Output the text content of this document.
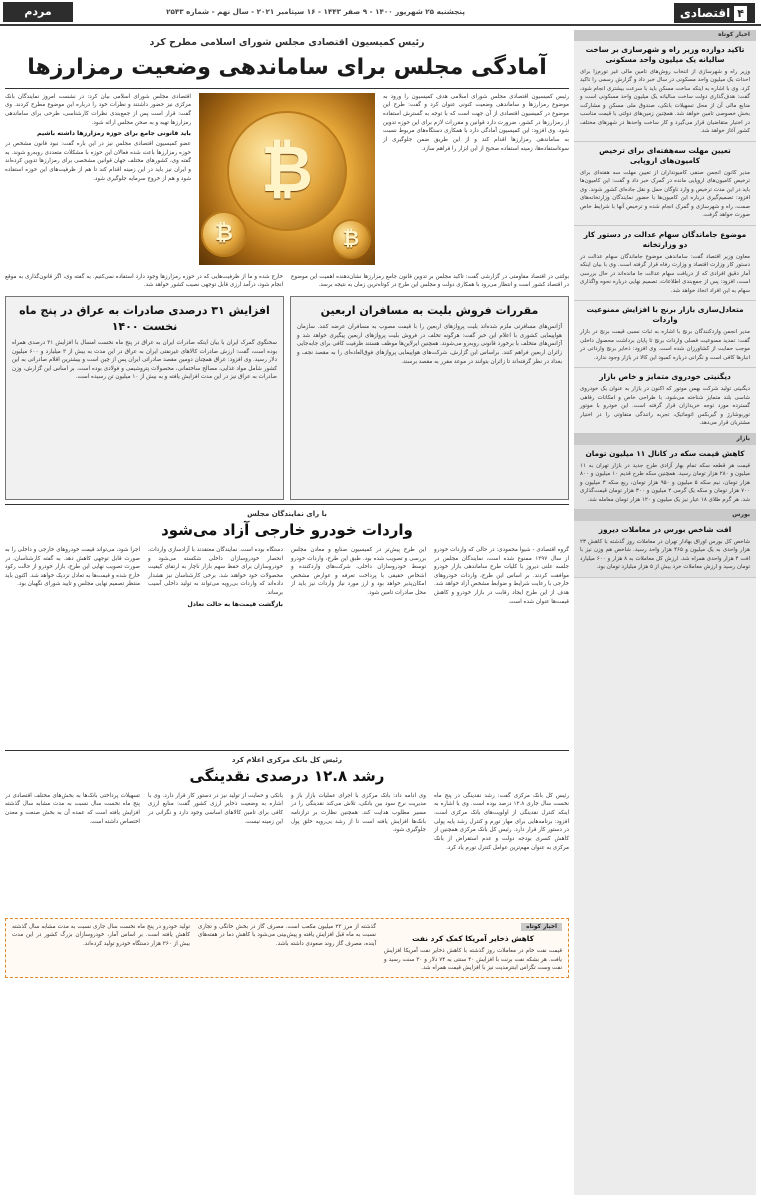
۴
اقتصادی
پنجشنبه ۲۵ شهریور ۱۴۰۰ - ۹ صفر ۱۴۴۳ - ۱۶ سپتامبر ۲۰۲۱ - سال نهم - شماره ۲۵۴۳
مردم سالاری	اخبار کوتاه
تاکید دوازده وزیر راه و شهرسازی بر ساخت سالیانه یک میلیون واحد مسکونی
وزیر راه و شهرسازی از انتخاب روش‌های تامین مالی غیر تورم‌زا برای احداث یک میلیون واحد مسکونی در سال خبر داد و گزارش رسمی را تاکید کرد. وی با اشاره به اینکه ساخت مسکن باید با سرعت بیشتری انجام شود، گفت: هدف‌گذاری دولت ساخت سالیانه یک میلیون واحد مسکونی است و منابع مالی آن از محل تسهیلات بانکی، صندوق ملی مسکن و مشارکت بخش خصوصی تامین خواهد شد. همچنین زمین‌های دولتی با قیمت مناسب در اختیار متقاضیان قرار می‌گیرد و کار ساخت واحدها در شهرهای مختلف کشور آغاز خواهد شد.
تعیین مهلت سه‌هفته‌ای برای ترخیص کامیون‌های اروپایی
مدیر کانون انجمن صنفی کامیونداران از تعیین مهلت سه هفته‌ای برای ترخیص کامیون‌های اروپایی مانده در گمرک خبر داد و گفت: این کامیون‌ها باید در این مدت ترخیص و وارد ناوگان حمل و نقل جاده‌ای کشور شوند. وی افزود: تصمیم‌گیری درباره این کامیون‌ها با حضور نمایندگان وزارتخانه‌های صمت، راه و شهرسازی و گمرک انجام شده و ترخیص آنها با شرایط خاص صورت خواهد گرفت.
موضوع جاماندگان سهام عدالت در دستور کار دو وزارتخانه
معاون وزیر اقتصاد گفت: ساماندهی موضوع جاماندگان سهام عدالت در دستور کار وزارت اقتصاد و وزارت رفاه قرار گرفته است. وی با بیان اینکه آمار دقیق افرادی که از دریافت سهام عدالت جا مانده‌اند در حال بررسی است، افزود: پس از جمع‌بندی اطلاعات، تصمیم نهایی درباره نحوه واگذاری سهام به این افراد اتخاذ خواهد شد.
متعادل‌سازی بازار برنج با افزایش ممنوعیت واردات
مدیر انجمن واردکنندگان برنج با اشاره به ثبات نسبی قیمت برنج در بازار گفت: تمدید ممنوعیت فصلی واردات برنج تا پایان برداشت محصول داخلی موجب حمایت از کشاورزان شده است. وی افزود: ذخایر برنج وارداتی در انبارها کافی است و نگرانی درباره کمبود این کالا در بازار وجود ندارد.
دیگنیتی خودروی متمایز و خاص بازار
دیگنیتی تولید شرکت بهمن موتور که اکنون در بازار به عنوان یک خودروی شاسی بلند متمایز شناخته می‌شود، با طراحی خاص و امکانات رفاهی گسترده مورد توجه خریداران قرار گرفته است. این خودرو با موتور توربوشارژ و گیربکس اتوماتیک، تجربه رانندگی متفاوتی را در اختیار مشتریان قرار می‌دهد.
بازار
کاهش قیمت سکه در کانال ۱۱ میلیون تومان
قیمت هر قطعه سکه تمام بهار آزادی طرح جدید در بازار تهران به ۱۱ میلیون و ۲۸۰ هزار تومان رسید. همچنین سکه طرح قدیم ۱۰ میلیون و ۸۰۰ هزار تومان، نیم سکه ۵ میلیون و ۹۵۰ هزار تومان، ربع سکه ۳ میلیون و ۷۰۰ هزار تومان و سکه یک گرمی ۲ میلیون و ۳۰۰ هزار تومان قیمت‌گذاری شد. هر گرم طلای ۱۸ عیار نیز یک میلیون و ۱۲۰ هزار تومان معامله شد.
بورس
افت شاخص بورس در معاملات دیروز
شاخص کل بورس اوراق بهادار تهران در معاملات روز گذشته با کاهش ۲۳ هزار واحدی به یک میلیون و ۴۶۵ هزار واحد رسید. شاخص هم وزن نیز با افت ۴ هزار واحدی همراه شد. ارزش کل معاملات به ۸ هزار و ۶۰۰ میلیارد تومان رسید و ارزش معاملات خرد بیش از ۵ هزار میلیارد تومان بود.
رئیس کمیسیون اقتصادی مجلس شورای اسلامی مطرح کرد
آمادگی مجلس برای ساماندهی وضعیت رمزارزها
رئیس کمیسیون اقتصادی مجلس شورای اسلامی هدف کمیسیون را ورود به موضوع رمزارزها و ساماندهی وضعیت کنونی عنوان کرد و گفت: طرح این موضوع در کمیسیون اقتصادی از آن جهت است که با توجه به گسترش استفاده از رمزارزها در کشور، ضرورت دارد قوانین و مقررات لازم برای این حوزه تدوین شود. وی افزود: این کمیسیون آمادگی دارد با همکاری دستگاه‌های مربوط نسبت به ساماندهی رمزارزها اقدام کند و از این طریق ضمن جلوگیری از سوءاستفاده‌ها، زمینه استفاده صحیح از این ابزار را فراهم سازد.
₿
₿	₿
اقتصادی مجلس شورای اسلامی بیان کرد: در نشست امروز نمایندگان بانک مرکزی نیز حضور داشتند و نظرات خود را درباره این موضوع مطرح کردند. وی گفت: قرار است پس از جمع‌بندی نظرات کارشناسی، طرحی برای ساماندهی رمزارزها تهیه و به صحن مجلس ارائه شود.
باید قانونی جامع برای حوزه رمزارزها داشته باشیم
عضو کمیسیون اقتصادی مجلس نیز در این باره گفت: نبود قانون مشخص در حوزه رمزارزها باعث شده فعالان این حوزه با مشکلات متعددی روبه‌رو شوند. به گفته وی، کشورهای مختلف جهان قوانین مشخصی برای رمزارزها تدوین کرده‌اند و ایران نیز باید در این زمینه اقدام کند تا هم از ظرفیت‌های این حوزه استفاده شود و هم از خروج سرمایه جلوگیری شود.
بولتنی در اقتصاد مقاومتی در گزارشی گفت: تاکید مجلس بر تدوین قانون جامع رمزارزها نشان‌دهنده اهمیت این موضوع در اقتصاد کشور است و انتظار می‌رود با همکاری دولت و مجلس این طرح در کوتاه‌ترین زمان به نتیجه برسد.
خارج شده و ما از ظرفیت‌هایی که در حوزه رمزارزها وجود دارد استفاده نمی‌کنیم. به گفته وی، اگر قانون‌گذاری به موقع انجام شود، درآمد ارزی قابل توجهی نصیب کشور خواهد شد.
مقررات فروش بلیت به مسافران اربعین
آژانس‌های مسافرتی ملزم شده‌اند بلیت پروازهای اربعین را با قیمت مصوب به مسافران عرضه کنند. سازمان هواپیمایی کشوری با اعلام این خبر گفت: هرگونه تخلف در فروش بلیت پروازهای اربعین پیگیری خواهد شد و آژانس‌های متخلف با برخورد قانونی روبه‌رو می‌شوند. همچنین ایرلاین‌ها موظف هستند ظرفیت کافی برای جابه‌جایی زائران اربعین فراهم کنند. براساس این گزارش، شرکت‌های هواپیمایی پروازهای فوق‌العاده‌ای را به مقصد نجف و بغداد در نظر گرفته‌اند تا زائران بتوانند در موعد مقرر به مقصد برسند.
افزایش ۳۱ درصدی صادرات به عراق در پنج ماه نخست ۱۴۰۰
سخنگوی گمرک ایران با بیان اینکه صادرات ایران به عراق در پنج ماه نخست امسال با افزایش ۳۱ درصدی همراه بوده است، گفت: ارزش صادرات کالاهای غیرنفتی ایران به عراق در این مدت به بیش از ۳ میلیارد و ۶۰۰ میلیون دلار رسید. وی افزود: عراق همچنان دومین مقصد صادراتی ایران پس از چین است و بیشترین اقلام صادراتی به این کشور شامل مواد غذایی، مصالح ساختمانی، محصولات پتروشیمی و فولادی بوده است. بر اساس این گزارش، وزن صادرات به عراق نیز در این مدت افزایش یافته و به بیش از ۱۰ میلیون تن رسیده است.
با رای نمایندگان مجلس
واردات خودرو خارجی آزاد می‌شود
گروه اقتصادی - شیوا محمودی: در حالی که واردات خودرو از سال ۱۳۹۷ ممنوع شده است، نمایندگان مجلس در جلسه علنی دیروز با کلیات طرح ساماندهی بازار خودرو موافقت کردند. بر اساس این طرح، واردات خودروهای خارجی با رعایت شرایط و ضوابط مشخص آزاد خواهد شد. هدف از این طرح ایجاد رقابت در بازار خودرو و کاهش قیمت‌ها عنوان شده است.
این طرح پیش‌تر در کمیسیون صنایع و معادن مجلس بررسی و تصویب شده بود. طبق این طرح، واردات خودرو توسط خودروسازان داخلی، شرکت‌های واردکننده و اشخاص حقیقی با پرداخت تعرفه و عوارض مشخص امکان‌پذیر خواهد بود و ارز مورد نیاز واردات نیز باید از محل صادرات تامین شود.
دستگاه بوده است. نمایندگان معتقدند با آزادسازی واردات، انحصار خودروسازان داخلی شکسته می‌شود و خودروسازان برای حفظ سهم بازار ناچار به ارتقای کیفیت محصولات خود خواهند شد. برخی کارشناسان نیز هشدار داده‌اند که واردات بی‌رویه می‌تواند به تولید داخلی آسیب برساند.
بازگشت قیمت‌ها به حالت تعادل
اجرا شود، می‌تواند قیمت خودروهای خارجی و داخلی را به صورت قابل توجهی کاهش دهد. به گفته کارشناسان، در صورت تصویب نهایی این طرح، بازار خودرو از حالت رکود خارج شده و قیمت‌ها به تعادل نزدیک خواهد شد. اکنون باید منتظر تصمیم نهایی مجلس و تایید شورای نگهبان بود.
رئیس کل بانک مرکزی اعلام کرد
رشد ۱۲.۸ درصدی نقدینگی
رئیس کل بانک مرکزی گفت: رشد نقدینگی در پنج ماه نخست سال جاری ۱۲.۸ درصد بوده است. وی با اشاره به اینکه کنترل نقدینگی از اولویت‌های بانک مرکزی است، افزود: برنامه‌هایی برای مهار تورم و کنترل رشد پایه پولی در دستور کار قرار دارد. رئیس کل بانک مرکزی همچنین از کاهش کسری بودجه دولت و عدم استقراض از بانک مرکزی به عنوان مهم‌ترین عوامل کنترل تورم یاد کرد.
وی ادامه داد: بانک مرکزی با اجرای عملیات بازار باز و مدیریت نرخ سود بین بانکی، تلاش می‌کند نقدینگی را در مسیر مطلوب هدایت کند. همچنین نظارت بر ترازنامه بانک‌ها افزایش یافته است تا از رشد بی‌رویه خلق پول جلوگیری شود.
بانکی و حمایت از تولید نیز در دستور کار قرار دارد. وی با اشاره به وضعیت ذخایر ارزی کشور گفت: منابع ارزی کافی برای تامین کالاهای اساسی وجود دارد و نگرانی در این زمینه نیست.
تسهیلات پرداختی بانک‌ها به بخش‌های مختلف اقتصادی در پنج ماه نخست سال نسبت به مدت مشابه سال گذشته افزایش یافته است که عمده آن به بخش صنعت و معدن اختصاص داشته است.
اخبار کوتاه
کاهش ذخایر آمریکا کمک کرد نفت
قیمت نفت خام در معاملات روز گذشته با کاهش ذخایر نفت آمریکا افزایش یافت. هر بشکه نفت برنت با افزایش ۴۰ سنتی به ۷۴ دلار و ۳۰ سنت رسید و نفت وست تگزاس اینترمدیت نیز با افزایش قیمت همراه شد.
گذشته از مرز ۲۳ میلیون مکعب است. مصرف گاز در بخش خانگی و تجاری نسبت به ماه قبل افزایش یافته و پیش‌بینی می‌شود با کاهش دما در هفته‌های آینده، مصرف گاز روند صعودی داشته باشد.
تولید خودرو در پنج ماه نخست سال جاری نسبت به مدت مشابه سال گذشته کاهش یافته است. بر اساس آمار، خودروسازان بزرگ کشور در این مدت بیش از ۳۶۰ هزار دستگاه خودرو تولید کرده‌اند.
